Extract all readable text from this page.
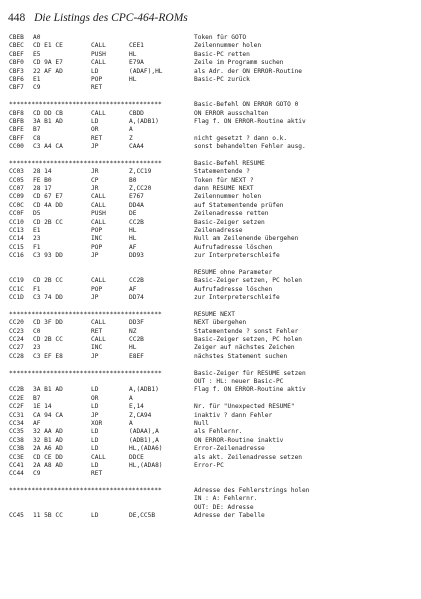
448 Die Listings des CPC-464-ROMs
CBEB A0	Token für GOTO
CBEC CD E1 CE	CALL	CEE1	Zeilennummer holen
CBEF E5	PUSH	HL	Basic-PC retten
CBF0 CD 9A E7	CALL	E79A	Zeile im Programm suchen
CBF3 22 AF AD	LD	(ADAF),HL	als Adr. der ON ERROR-Routine
CBF6 E1	POP	HL	Basic-PC zurück
CBF7 C9	RET
*****************************************	Basic-Befehl ON ERROR GOTO 0
CBF8 CD DD CB	CALL	CBDD	ON ERROR ausschalten
CBFB 3A B1 AD	LD	A,(ADB1)	Flag f. ON ERROR-Routine aktiv
CBFE B7	OR	A
CBFF C8	RET	Z	nicht gesetzt ? dann o.k.
CC00 C3 A4 CA	JP	CAA4	sonst behandelten Fehler ausg.
*****************************************	Basic-Befehl RESUME
CC03 28 14	JR	Z,CC19	Statementende ?
CC05 FE B0	CP	B0	Token für NEXT ?
CC07 28 17	JR	Z,CC20	dann RESUME NEXT
CC09 CD 67 E7	CALL	E767	Zeilennummer holen
CC0C CD 4A DD	CALL	DD4A	auf Statementende prüfen
CC0F D5	PUSH	DE	Zeilenadresse retten
CC10 CD 2B CC	CALL	CC2B	Basic-Zeiger setzen
CC13 E1	POP	HL	Zeilenadresse
CC14 23	INC	HL	Null am Zeilenende übergehen
CC15 F1	POP	AF	Aufrufadresse löschen
CC16 C3 93 DD	JP	DD93	zur Interpreterschleife
RESUME ohne Parameter
CC19 CD 2B CC	CALL	CC2B	Basic-Zeiger setzen, PC holen
CC1C F1	POP	AF	Aufrufadresse löschen
CC1D C3 74 DD	JP	DD74	zur Interpreterschleife
*****************************************	RESUME NEXT
CC20 CD 3F DD	CALL	DD3F	NEXT übergehen
CC23 C0	RET	NZ	Statementende ? sonst Fehler
CC24 CD 2B CC	CALL	CC2B	Basic-Zeiger setzen, PC holen
CC27 23	INC	HL	Zeiger auf nächstes Zeichen
CC28 C3 EF E8	JP	E8EF	nächstes Statement suchen
*****************************************	Basic-Zeiger für RESUME setzen
OUT : HL: neuer Basic-PC
CC2B 3A B1 AD	LD	A,(ADB1)	Flag f. ON ERROR-Routine aktiv
CC2E B7	OR	A
CC2F 1E 14	LD	E,14	Nr. für "Unexpected RESUME"
CC31 CA 94 CA	JP	Z,CA94	inaktiv ? dann Fehler
CC34 AF	XOR	A	Null
CC35 32 AA AD	LD	(ADAA),A	als Fehlernr.
CC38 32 B1 AD	LD	(ADB1),A	ON ERROR-Routine inaktiv
CC3B 2A A6 AD	LD	HL,(ADA6)	Error-Zeilenadresse
CC3E CD CE DD	CALL	DDCE	als akt. Zeilenadresse setzen
CC41 2A A8 AD	LD	HL,(ADA8)	Error-PC
CC44 C9	RET
*****************************************	Adresse des Fehlerstrings holen
IN : A: Fehlernr.
OUT: DE: Adresse
CC45 11 5B CC	LD	DE,CC5B	Adresse der Tabelle
